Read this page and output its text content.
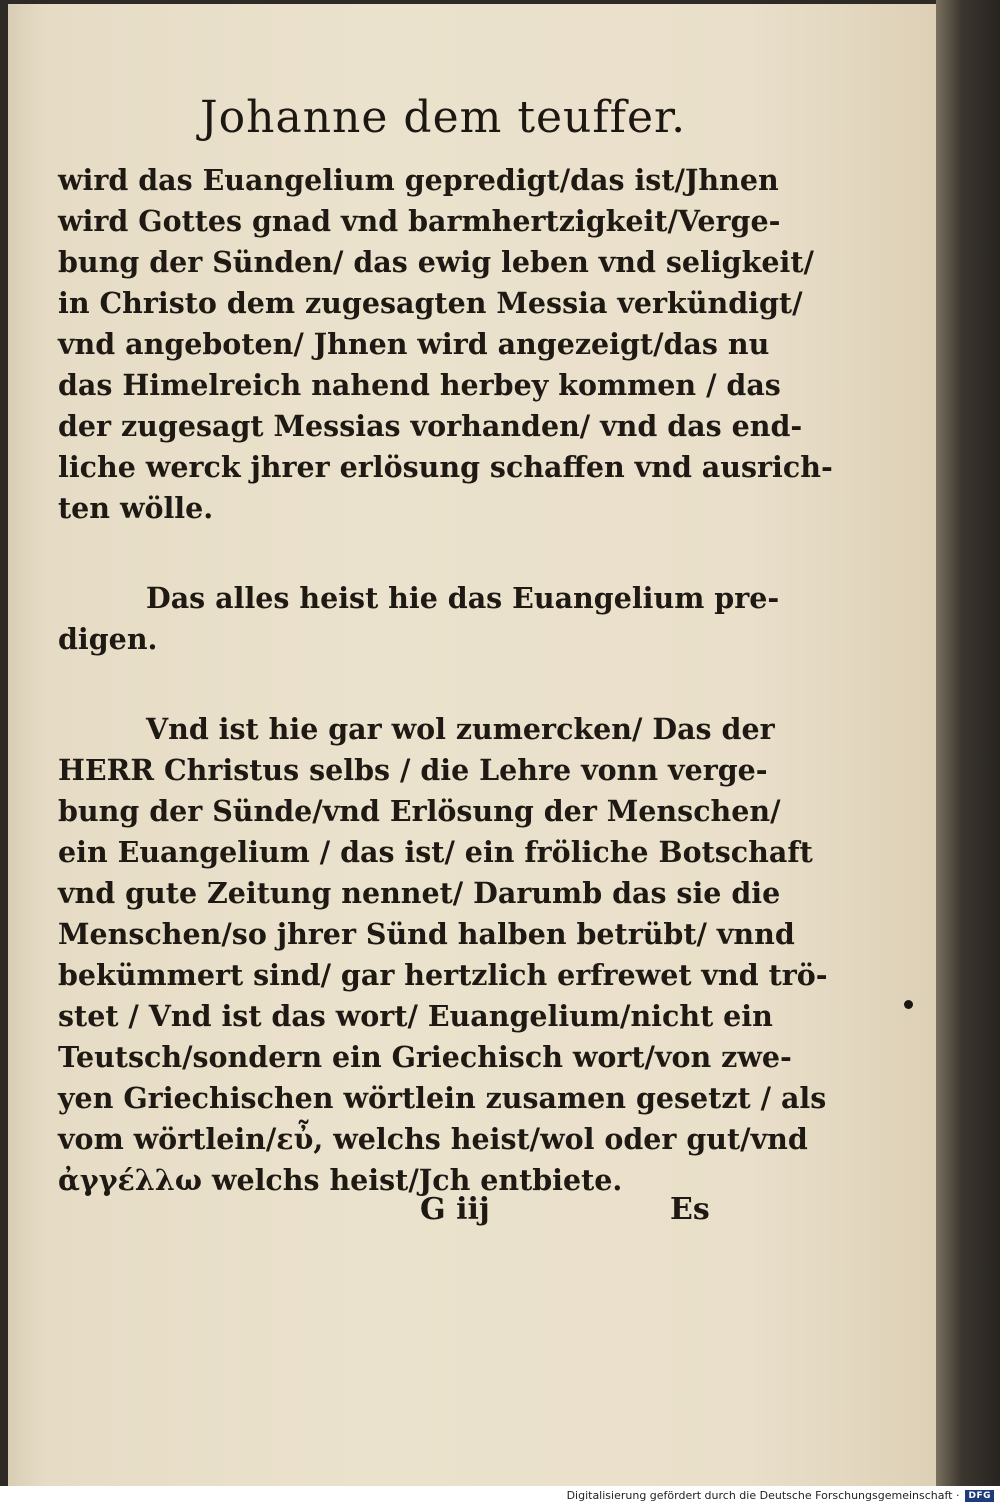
Johanne dem teuffer.
wird das Euangelium gepredigt/das ist/Jhnen
wird Gottes gnad vnd barmhertzigkeit/Verge-
bung der Sünden/ das ewig leben vnd seligkeit/
in Christo dem zugesagten Messia verkündigt/
vnd angeboten/ Jhnen wird angezeigt/das nu
das Himelreich nahend herbey kommen / das
der zugesagt Messias vorhanden/ vnd das end-
liche werck jhrer erlösung schaffen vnd ausrich-
ten wölle.
Das alles heist hie das Euangelium pre-
digen.
Vnd ist hie gar wol zumercken/ Das der
HERR Christus selbs / die Lehre vonn verge-
bung der Sünde/vnd Erlösung der Menschen/
ein Euangelium / das ist/ ein fröliche Botschaft
vnd gute Zeitung nennet/ Darumb das sie die
Menschen/so jhrer Sünd halben betrübt/ vnnd
bekümmert sind/ gar hertzlich erfrewet vnd trö-
stet / Vnd ist das wort/ Euangelium/nicht ein
Teutsch/sondern ein Griechisch wort/von zwe-
yen Griechischen wörtlein zusamen gesetzt / als
vom wörtlein/εὖ, welchs heist/wol oder gut/vnd
ἀγγέλλω welchs heist/Jch entbiete.
G iij	Es
Digitalisierung gefördert durch die Deutsche Forschungsgemeinschaft ·	DFG
